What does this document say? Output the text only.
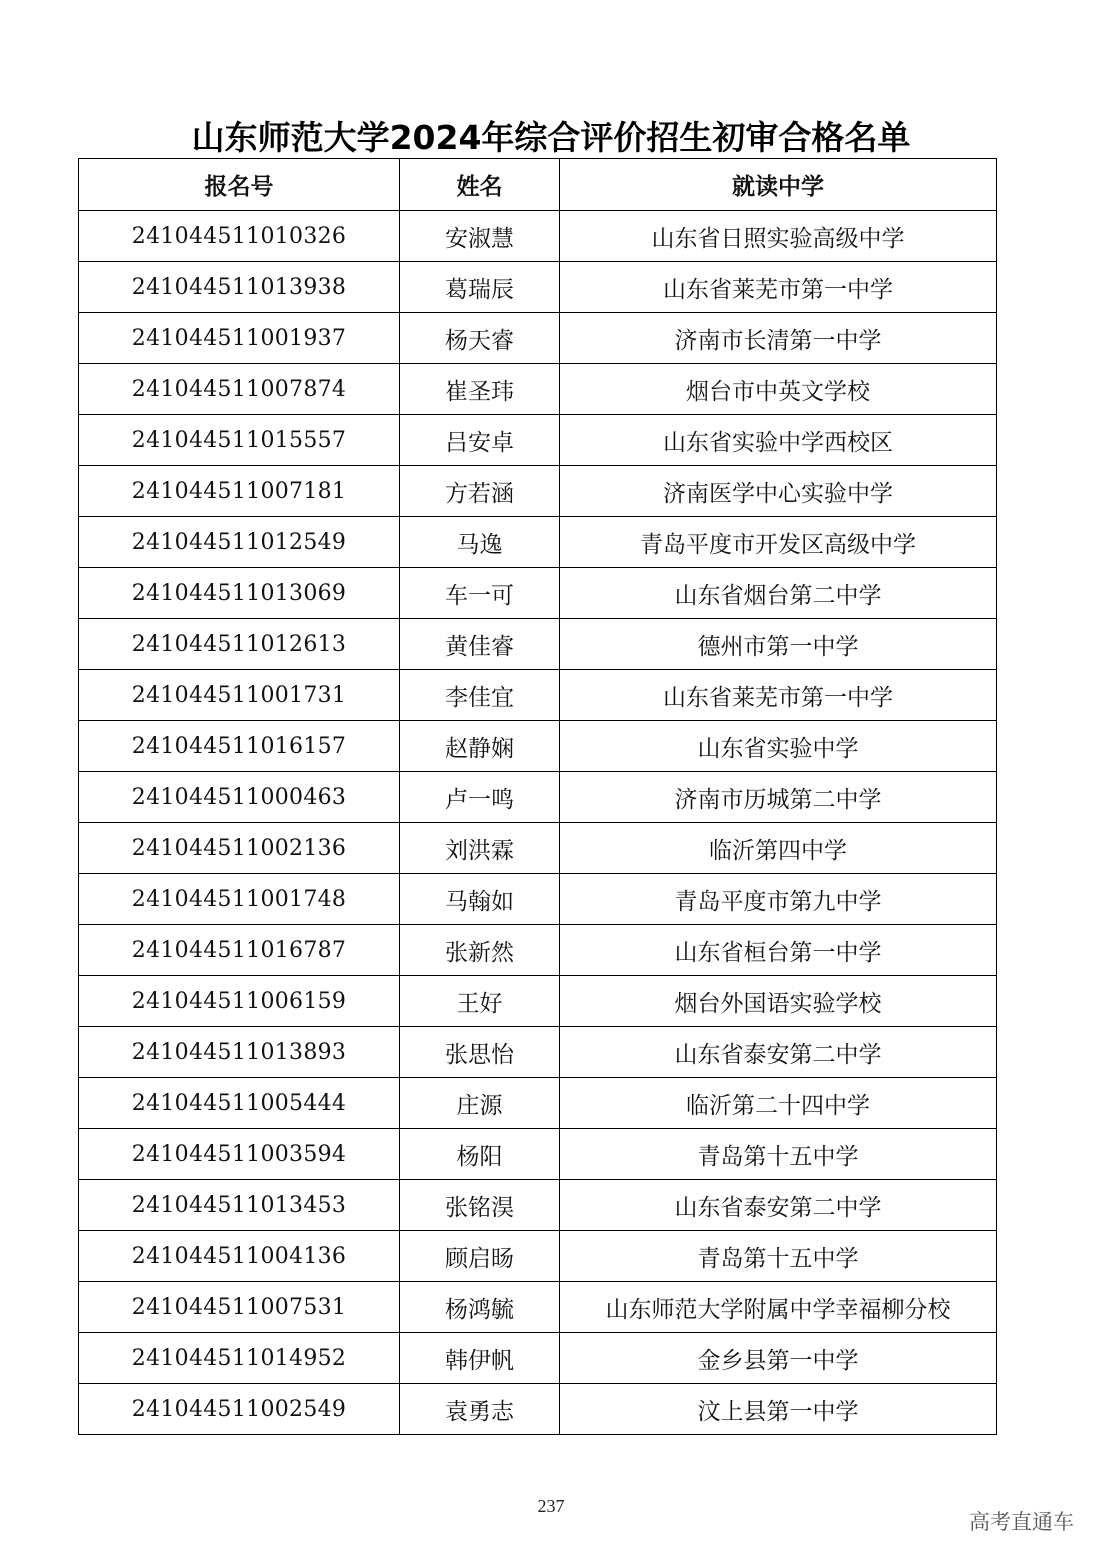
山东师范大学2024年综合评价招生初审合格名单
报名号	姓名	就读中学
241044511010326	安淑慧	山东省日照实验高级中学
241044511013938	葛瑞辰	山东省莱芜市第一中学
241044511001937	杨天睿	济南市长清第一中学
241044511007874	崔圣玮	烟台市中英文学校
241044511015557	吕安卓	山东省实验中学西校区
241044511007181	方若涵	济南医学中心实验中学
241044511012549	马逸	青岛平度市开发区高级中学
241044511013069	车一可	山东省烟台第二中学
241044511012613	黄佳睿	德州市第一中学
241044511001731	李佳宜	山东省莱芜市第一中学
241044511016157	赵静娴	山东省实验中学
241044511000463	卢一鸣	济南市历城第二中学
241044511002136	刘洪霖	临沂第四中学
241044511001748	马翰如	青岛平度市第九中学
241044511016787	张新然	山东省桓台第一中学
241044511006159	王好	烟台外国语实验学校
241044511013893	张思怡	山东省泰安第二中学
241044511005444	庄源	临沂第二十四中学
241044511003594	杨阳	青岛第十五中学
241044511013453	张铭淏	山东省泰安第二中学
241044511004136	顾启旸	青岛第十五中学
241044511007531	杨鸿毓	山东师范大学附属中学幸福柳分校
241044511014952	韩伊帆	金乡县第一中学
241044511002549	袁勇志	汶上县第一中学
237
高考直通车
